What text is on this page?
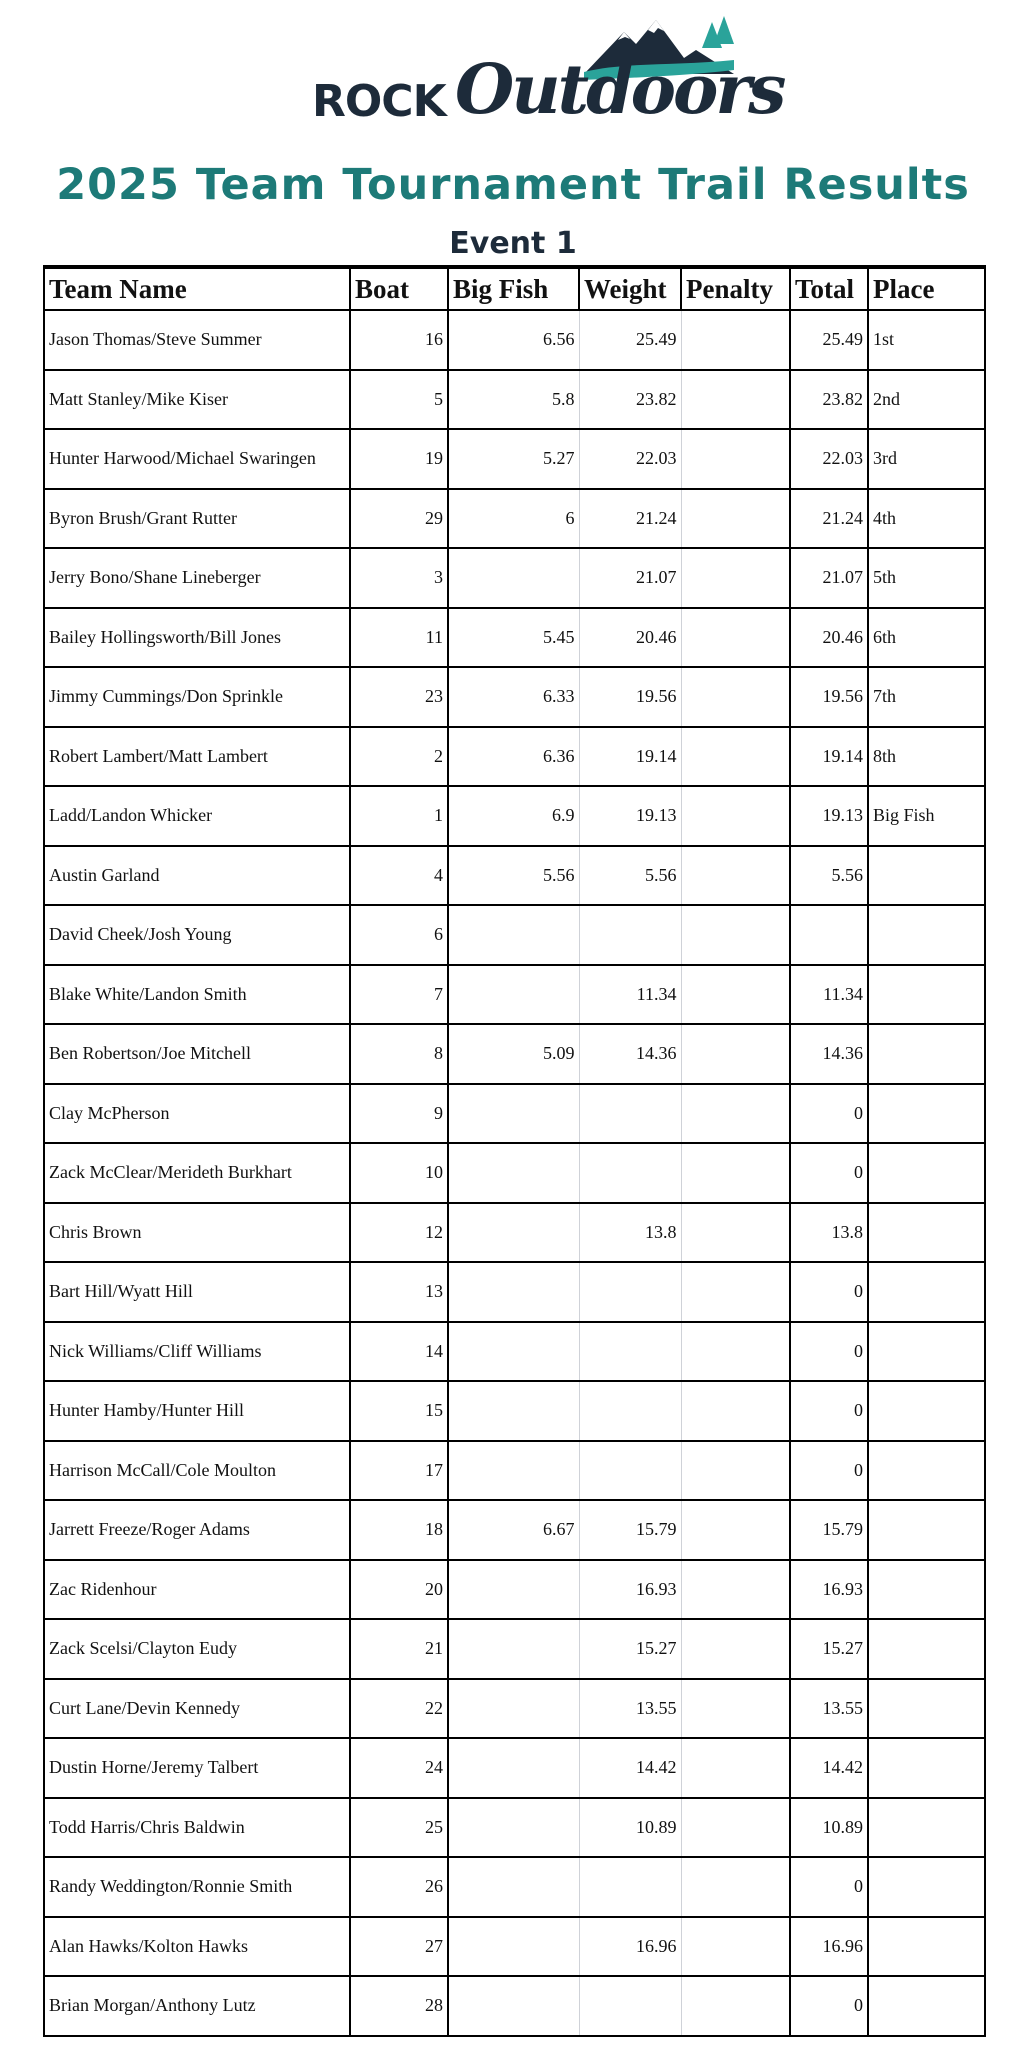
ROCK Outdoors
2025 Team Tournament Trail Results
Event 1
Team Name	Boat	Big Fish	Weight	Penalty	Total	Place
Jason Thomas/Steve Summer	16	6.56	25.49		25.49	1st
Matt Stanley/Mike Kiser	5	5.8	23.82		23.82	2nd
Hunter Harwood/Michael Swaringen	19	5.27	22.03		22.03	3rd
Byron Brush/Grant Rutter	29	6	21.24		21.24	4th
Jerry Bono/Shane Lineberger	3		21.07		21.07	5th
Bailey Hollingsworth/Bill Jones	11	5.45	20.46		20.46	6th
Jimmy Cummings/Don Sprinkle	23	6.33	19.56		19.56	7th
Robert Lambert/Matt Lambert	2	6.36	19.14		19.14	8th
Ladd/Landon Whicker	1	6.9	19.13		19.13	Big Fish
Austin Garland	4	5.56	5.56		5.56	
David Cheek/Josh Young	6					
Blake White/Landon Smith	7		11.34		11.34	
Ben Robertson/Joe Mitchell	8	5.09	14.36		14.36	
Clay McPherson	9				0	
Zack McClear/Merideth Burkhart	10				0	
Chris Brown	12		13.8		13.8	
Bart Hill/Wyatt Hill	13				0	
Nick Williams/Cliff Williams	14				0	
Hunter Hamby/Hunter Hill	15				0	
Harrison McCall/Cole Moulton	17				0	
Jarrett Freeze/Roger Adams	18	6.67	15.79		15.79	
Zac Ridenhour	20		16.93		16.93	
Zack Scelsi/Clayton Eudy	21		15.27		15.27	
Curt Lane/Devin Kennedy	22		13.55		13.55	
Dustin Horne/Jeremy Talbert	24		14.42		14.42	
Todd Harris/Chris Baldwin	25		10.89		10.89	
Randy Weddington/Ronnie Smith	26				0	
Alan Hawks/Kolton Hawks	27		16.96		16.96	
Brian Morgan/Anthony Lutz	28				0	
